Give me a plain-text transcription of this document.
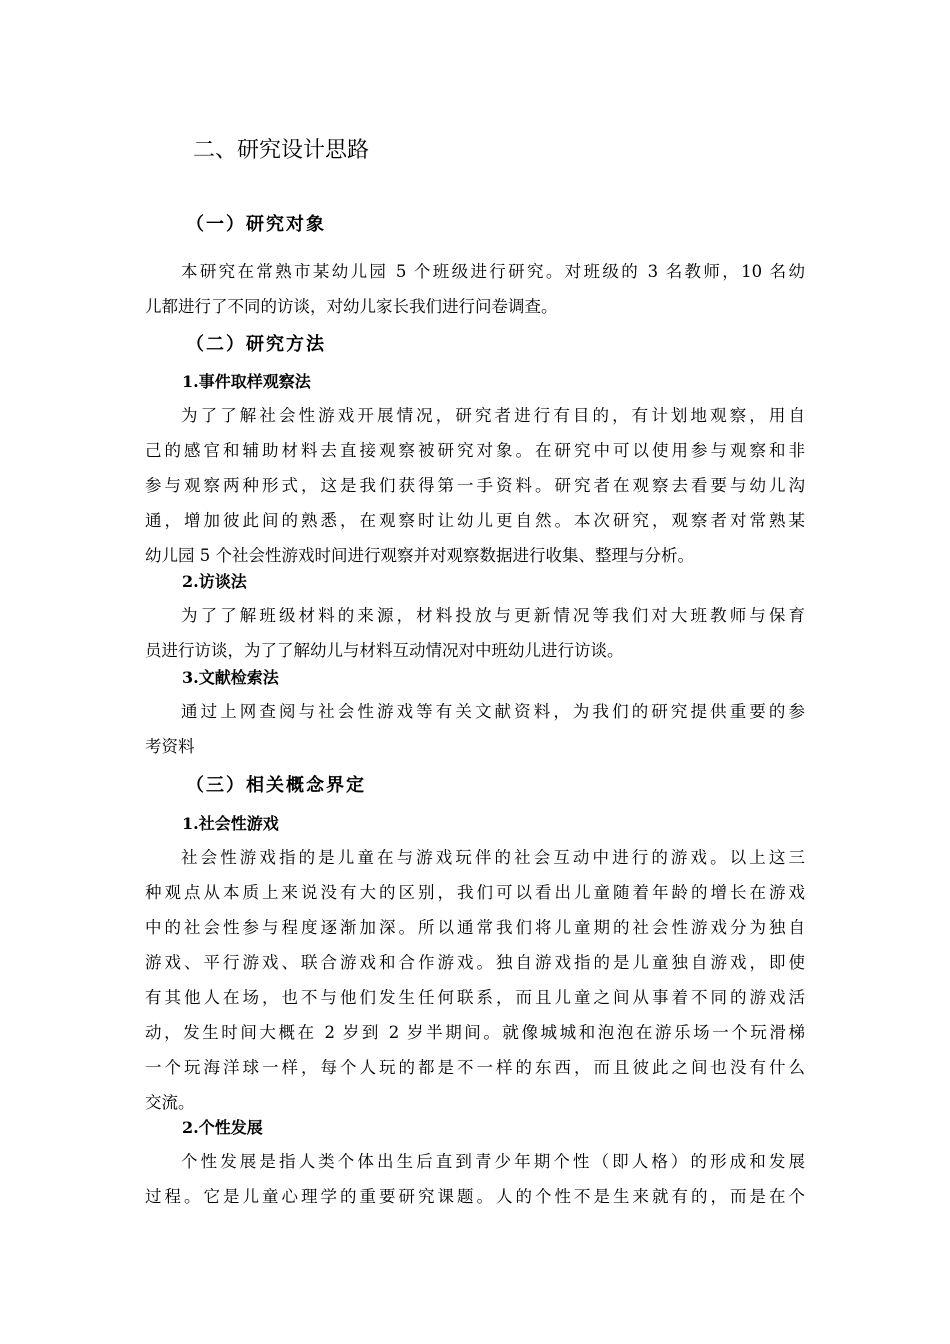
二、研究设计思路
（一）研究对象
本研究在常熟市某幼儿园 5 个班级进行研究。对班级的 3 名教师，10 名幼
儿都进行了不同的访谈，对幼儿家长我们进行问卷调查。
（二）研究方法
1.事件取样观察法
为了了解社会性游戏开展情况，研究者进行有目的，有计划地观察，用自
己的感官和辅助材料去直接观察被研究对象。在研究中可以使用参与观察和非
参与观察两种形式，这是我们获得第一手资料。研究者在观察去看要与幼儿沟
通，增加彼此间的熟悉，在观察时让幼儿更自然。本次研究，观察者对常熟某
幼儿园 5 个社会性游戏时间进行观察并对观察数据进行收集、整理与分析。
2.访谈法
为了了解班级材料的来源，材料投放与更新情况等我们对大班教师与保育
员进行访谈，为了了解幼儿与材料互动情况对中班幼儿进行访谈。
3.文献检索法
通过上网查阅与社会性游戏等有关文献资料，为我们的研究提供重要的参
考资料
（三）相关概念界定
1.社会性游戏
社会性游戏指的是儿童在与游戏玩伴的社会互动中进行的游戏。以上这三
种观点从本质上来说没有大的区别，我们可以看出儿童随着年龄的增长在游戏
中的社会性参与程度逐渐加深。所以通常我们将儿童期的社会性游戏分为独自
游戏、平行游戏、联合游戏和合作游戏。独自游戏指的是儿童独自游戏，即使
有其他人在场，也不与他们发生任何联系，而且儿童之间从事着不同的游戏活
动，发生时间大概在 2 岁到 2 岁半期间。就像城城和泡泡在游乐场一个玩滑梯
一个玩海洋球一样，每个人玩的都是不一样的东西，而且彼此之间也没有什么
交流。
2.个性发展
个性发展是指人类个体出生后直到青少年期个性（即人格）的形成和发展
过程。它是儿童心理学的重要研究课题。人的个性不是生来就有的，而是在个
